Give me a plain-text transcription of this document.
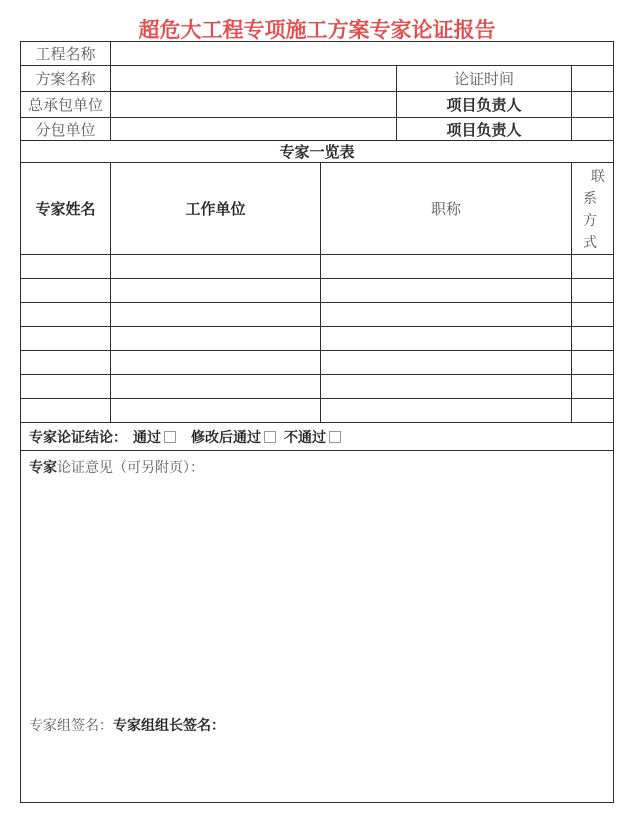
超危大工程专项施工方案专家论证报告
工程名称				
方案名称			论证时间	
总承包单位			项目负责人	
分包单位			项目负责人	
专家一览表				
专家姓名	工作单位	职称		联系方式

专家论证结论： 通过 修改后通过 不通过				

专家论证意见（可另附页）：
专家组签名：专家组组长签名：				
